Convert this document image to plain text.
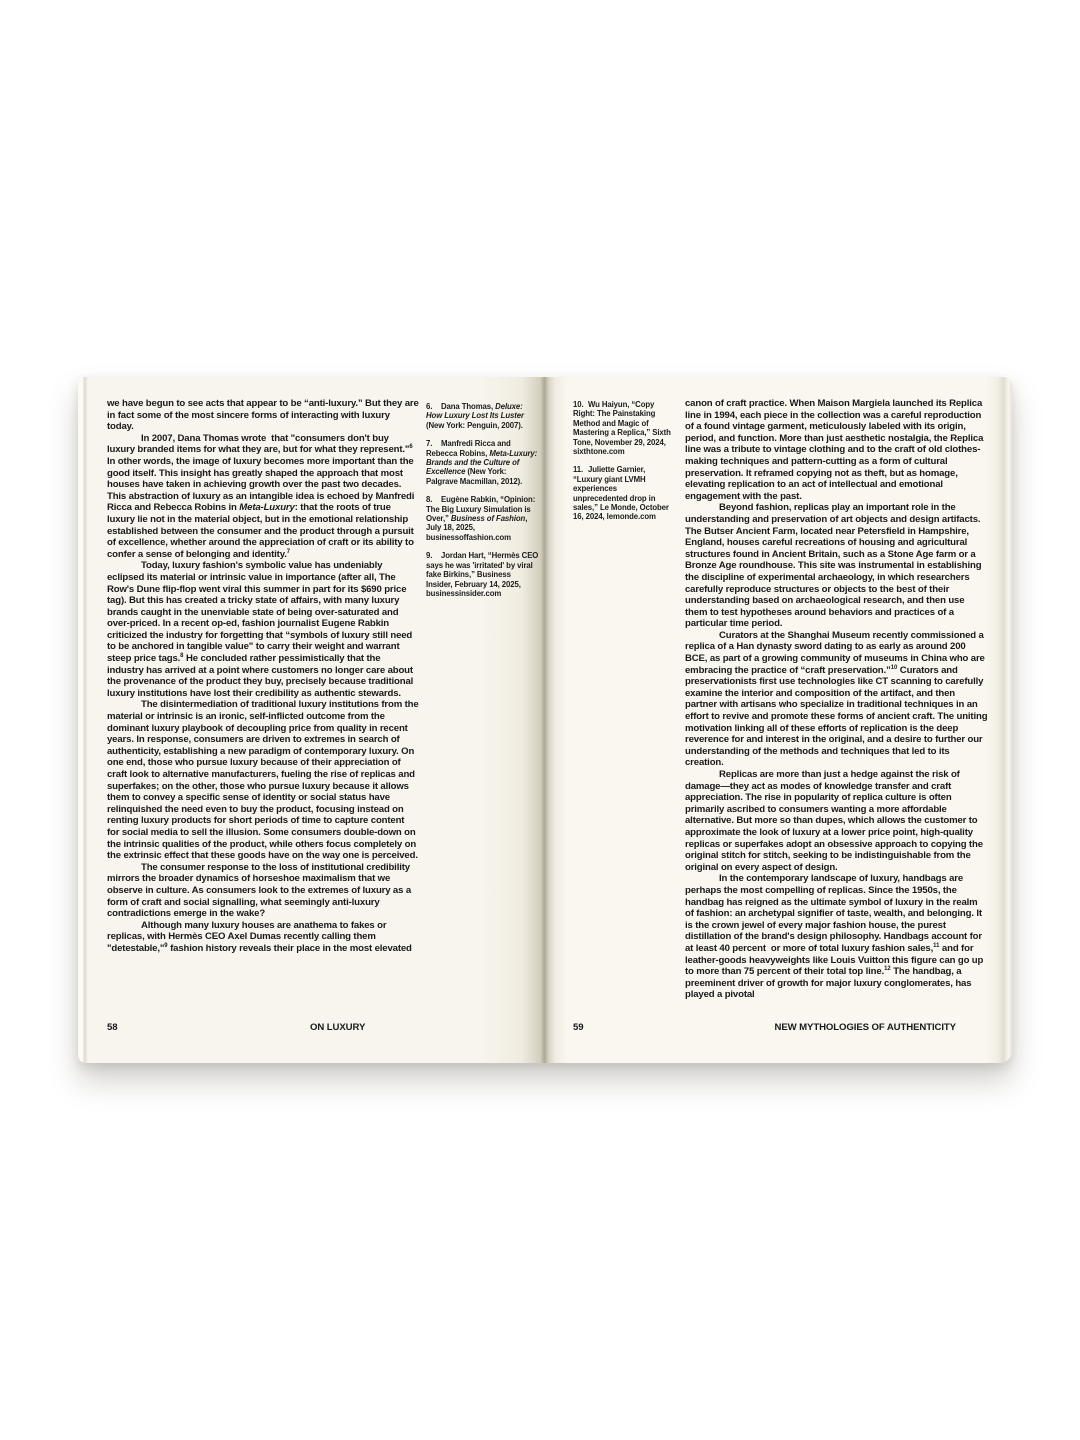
we have begun to see acts that appear to be “anti-luxury.” But they are in fact some of the most sincere forms of interacting with luxury today.

In 2007, Dana Thomas wrote  that "consumers don't buy luxury branded items for what they are, but for what they represent."$^6$ In other words, the image of luxury becomes more important than the good itself. This insight has greatly shaped the approach that most houses have taken in achieving growth over the past two decades. This abstraction of luxury as an intangible idea is echoed by Manfredi Ricca and Rebecca Robins in Meta-Luxury: that the roots of true luxury lie not in the material object, but in the emotional relationship established between the consumer and the product through a pursuit of excellence, whether around the appreciation of craft or its ability to confer a sense of belonging and identity.$^7$

Today, luxury fashion's symbolic value has undeniably eclipsed its material or intrinsic value in importance (after all, The Row's Dune flip-flop went viral this summer in part for its $690 price tag). But this has created a tricky state of affairs, with many luxury brands caught in the unenviable state of being over-saturated and over-priced. In a recent op-ed, fashion journalist Eugene Rabkin criticized the industry for forgetting that “symbols of luxury still need to be anchored in tangible value" to carry their weight and warrant steep price tags.$^8$ He concluded rather pessimistically that the industry has arrived at a point where customers no longer care about the provenance of the product they buy, precisely because traditional luxury institutions have lost their credibility as authentic stewards.

The disintermediation of traditional luxury institutions from the material or intrinsic is an ironic, self-inflicted outcome from the dominant luxury playbook of decoupling price from quality in recent years. In response, consumers are driven to extremes in search of authenticity, establishing a new paradigm of contemporary luxury. On one end, those who pursue luxury because of their appreciation of craft look to alternative manufacturers, fueling the rise of replicas and superfakes; on the other, those who pursue luxury because it allows them to convey a specific sense of identity or social status have relinquished the need even to buy the product, focusing instead on renting luxury products for short periods of time to capture content for social media to sell the illusion. Some consumers double-down on the intrinsic qualities of the product, while others focus completely on the extrinsic effect that these goods have on the way one is perceived.

The consumer response to the loss of institutional credibility mirrors the broader dynamics of horseshoe maximalism that we observe in culture. As consumers look to the extremes of luxury as a form of craft and social signalling, what seemingly anti-luxury contradictions emerge in the wake?

Although many luxury houses are anathema to fakes or replicas, with Hermès CEO Axel Dumas recently calling them "detestable,"$^9$ fashion history reveals their place in the most elevated

6. Dana Thomas, Deluxe: How Luxury Lost Its Luster (New York: Penguin, 2007).
7. Manfredi Ricca and Rebecca Robins, Meta-Luxury: Brands and the Culture of Excellence (New York: Palgrave Macmillan, 2012).
8. Eugène Rabkin, “Opinion: The Big Luxury Simulation is Over,” Business of Fashion, July 18, 2025, businessoffashion.com
9. Jordan Hart, “Hermès CEO says he was 'irritated' by viral fake Birkins,” Business Insider, February 14, 2025, businessinsider.com
58	ON LUXURY
10. Wu Haiyun, “Copy Right: The Painstaking Method and Magic of Mastering a Replica,” Sixth Tone, November 29, 2024, sixthtone.com
11. Juliette Garnier, “Luxury giant LVMH experiences unprecedented drop in sales,” Le Monde, October 16, 2024, lemonde.com

canon of craft practice. When Maison Margiela launched its Replica line in 1994, each piece in the collection was a careful reproduction of a found vintage garment, meticulously labeled with its origin, period, and function. More than just aesthetic nostalgia, the Replica line was a tribute to vintage clothing and to the craft of old clothes-making techniques and pattern-cutting as a form of cultural preservation. It reframed copying not as theft, but as homage, elevating replication to an act of intellectual and emotional engagement with the past.

Beyond fashion, replicas play an important role in the understanding and preservation of art objects and design artifacts. The Butser Ancient Farm, located near Petersfield in Hampshire, England, houses careful recreations of housing and agricultural structures found in Ancient Britain, such as a Stone Age farm or a Bronze Age roundhouse. This site was instrumental in establishing the discipline of experimental archaeology, in which researchers carefully reproduce structures or objects to the best of their understanding based on archaeological research, and then use them to test hypotheses around behaviors and practices of a particular time period.

Curators at the Shanghai Museum recently commissioned a replica of a Han dynasty sword dating to as early as around 200 BCE, as part of a growing community of museums in China who are embracing the practice of “craft preservation.”$^{10}$ Curators and preservationists first use technologies like CT scanning to carefully examine the interior and composition of the artifact, and then partner with artisans who specialize in traditional techniques in an effort to revive and promote these forms of ancient craft. The uniting motivation linking all of these efforts of replication is the deep reverence for and interest in the original, and a desire to further our understanding of the methods and techniques that led to its creation.

Replicas are more than just a hedge against the risk of damage—they act as modes of knowledge transfer and craft appreciation. The rise in popularity of replica culture is often primarily ascribed to consumers wanting a more affordable alternative. But more so than dupes, which allows the customer to approximate the look of luxury at a lower price point, high-quality replicas or superfakes adopt an obsessive approach to copying the original stitch for stitch, seeking to be indistinguishable from the original on every aspect of design.

In the contemporary landscape of luxury, handbags are perhaps the most compelling of replicas. Since the 1950s, the handbag has reigned as the ultimate symbol of luxury in the realm of fashion: an archetypal signifier of taste, wealth, and belonging. It is the crown jewel of every major fashion house, the purest distillation of the brand's design philosophy. Handbags account for at least 40 percent  or more of total luxury fashion sales,$^{11}$ and for leather-goods heavyweights like Louis Vuitton this figure can go up to more than 75 percent of their total top line.$^{12}$ The handbag, a preeminent driver of growth for major luxury conglomerates, has played a pivotal

59	NEW MYTHOLOGIES OF AUTHENTICITY
